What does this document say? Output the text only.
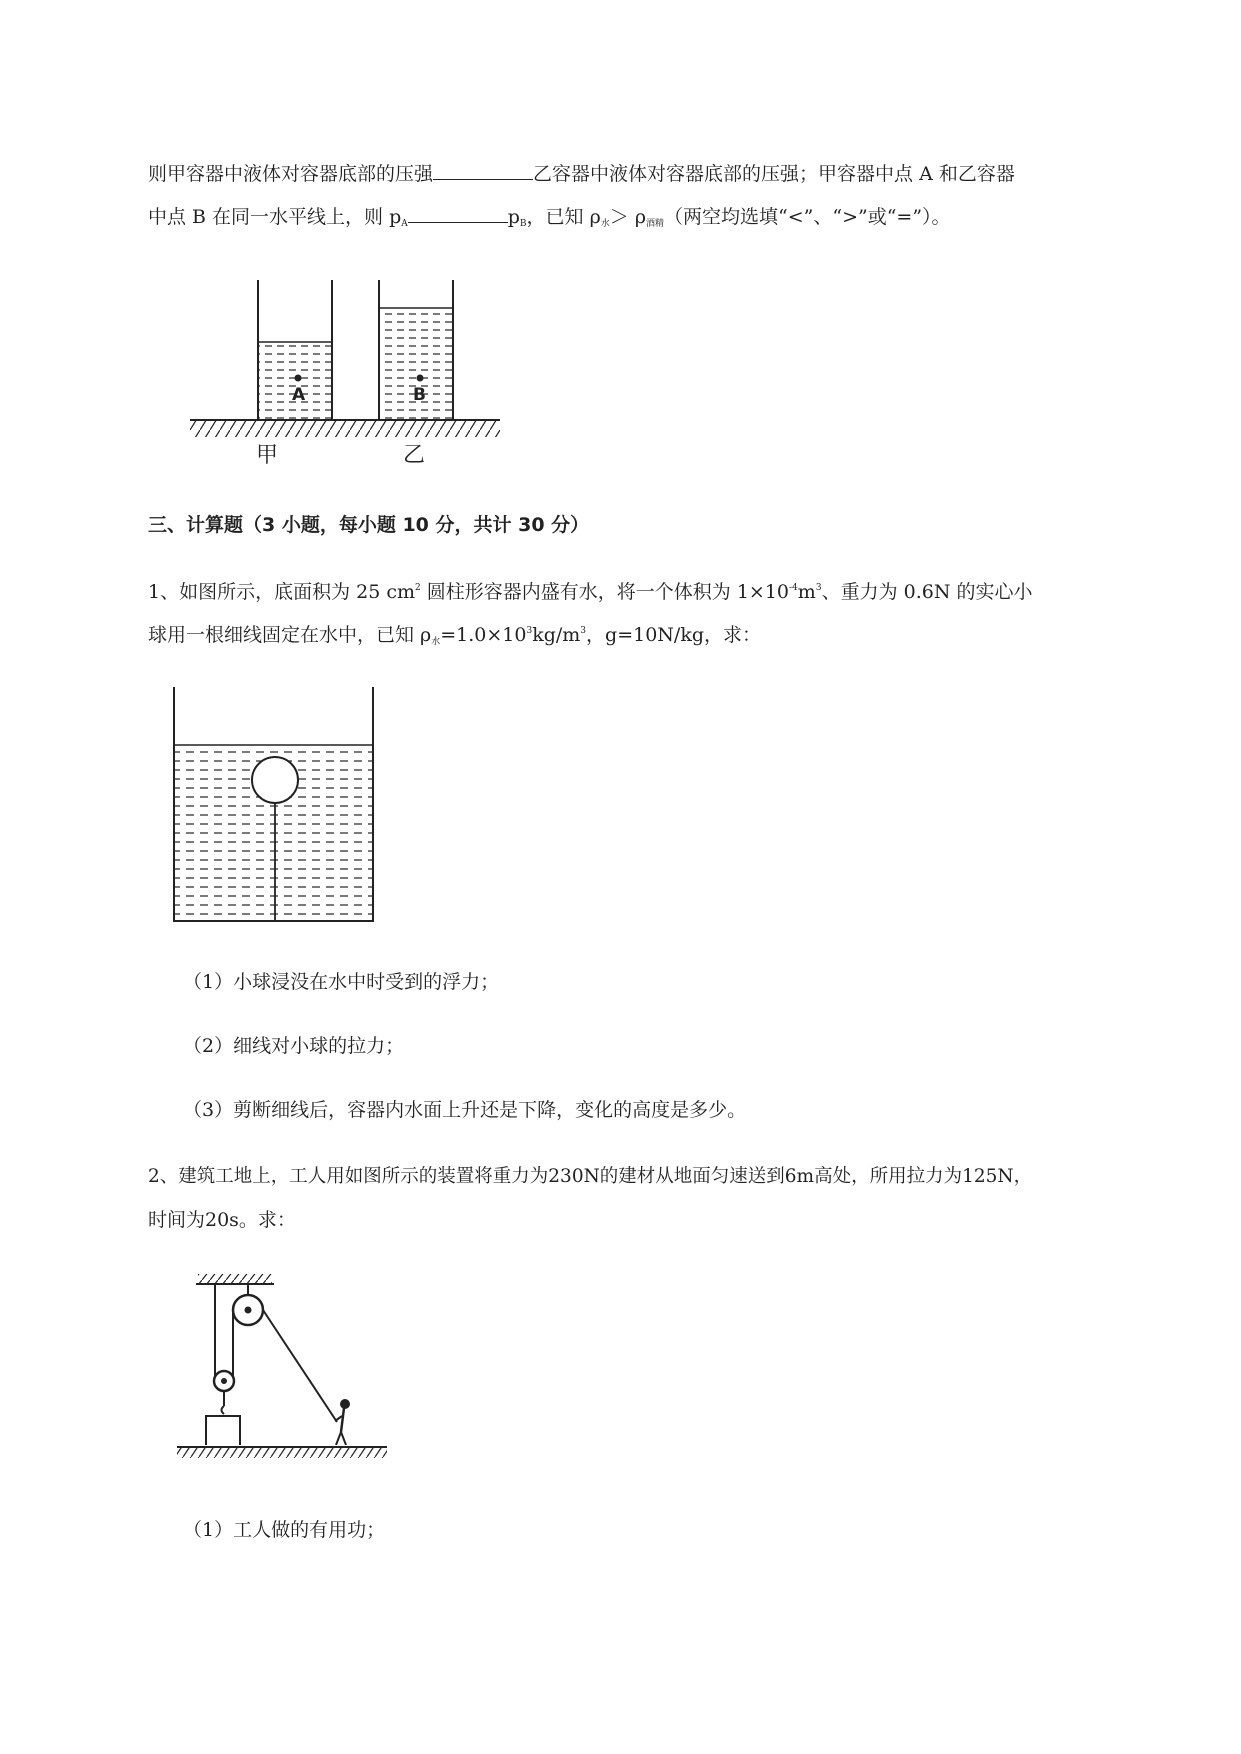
则甲容器中液体对容器底部的压强	乙容器中液体对容器底部的压强；甲容器中点 A 和乙容器
中点 B 在同一水平线上，则 $p_A$	$p_B$，已知 $\rho_水> \rho_{酒精}$（两空均选填“<”、“>”或“=”）。
A	B
甲	乙
三、计算题（3 小题，每小题 10 分，共计 30 分）
1、如图所示，底面积为 25 $cm^2$ 圆柱形容器内盛有水，将一个体积为 $1\times 10^{-4}m^3$、重力为 0.6N 的实心小
球用一根细线固定在水中，已知 $\rho_水=1.0\times 10^3kg/m^3$，g=10N/kg，求：
（1）小球浸没在水中时受到的浮力；
（2）细线对小球的拉力；
（3）剪断细线后，容器内水面上升还是下降，变化的高度是多少。
2、建筑工地上，工人用如图所示的装置将重力为230N的建材从地面匀速送到6m高处，所用拉力为125N，
时间为20s。求：
（1）工人做的有用功；
